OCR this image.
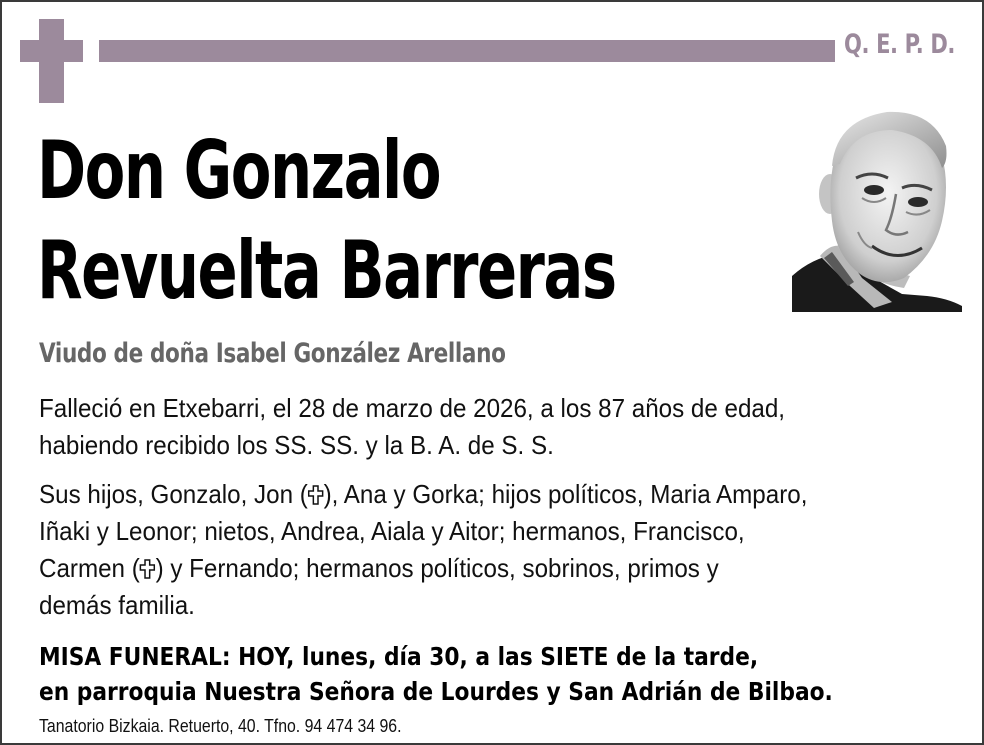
Q. E. P. D.
Don Gonzalo
Revuelta Barreras
Viudo de doña Isabel González Arellano
Falleció en Etxebarri, el 28 de marzo de 2026, a los 87 años de edad,
habiendo recibido los SS. SS. y la B. A. de S. S.
Sus hijos, Gonzalo, Jon ( ), Ana y Gorka; hijos políticos, Maria Amparo,
Iñaki y Leonor; nietos, Andrea, Aiala y Aitor; hermanos, Francisco,
Carmen ( ) y Fernando; hermanos políticos, sobrinos, primos y
demás familia.
MISA FUNERAL: HOY, lunes, día 30, a las SIETE de la tarde,
en parroquia Nuestra Señora de Lourdes y San Adrián de Bilbao.
Tanatorio Bizkaia. Retuerto, 40. Tfno. 94 474 34 96.
